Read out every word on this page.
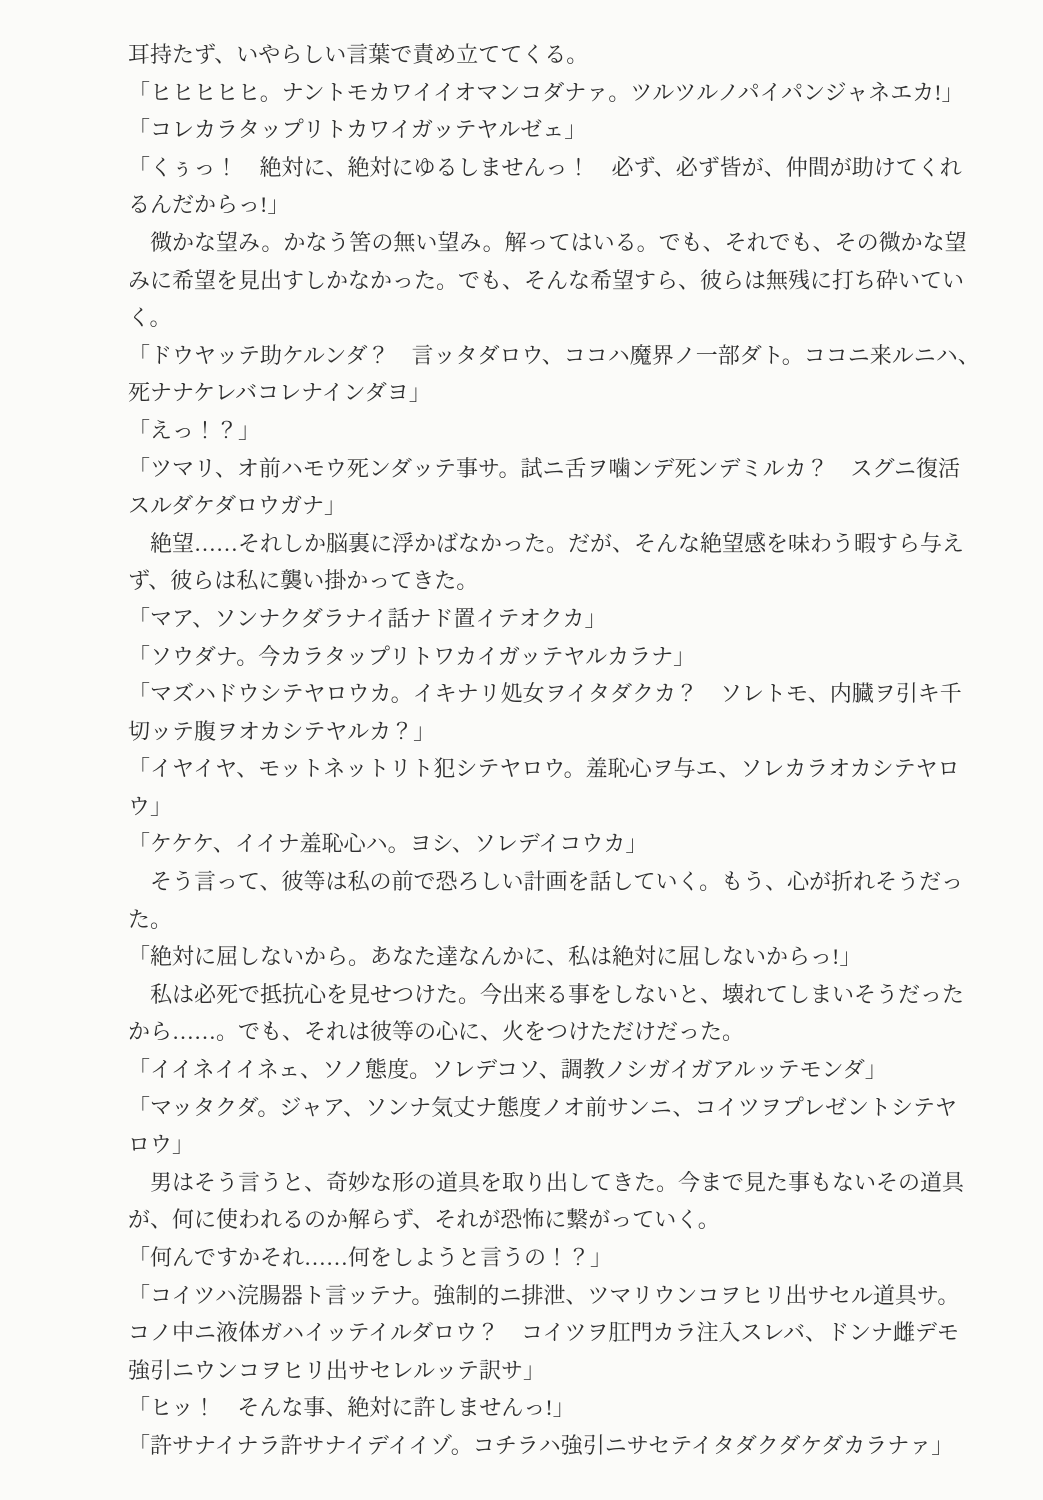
耳持たず、いやらしい言葉で責め立ててくる。
「ヒヒヒヒヒ。ナントモカワイイオマンコダナァ。ツルツルノパイパンジャネエカ!」
「コレカラタップリトカワイガッテヤルゼェ」
「くぅっ！　絶対に、絶対にゆるしませんっ！　必ず、必ず皆が、仲間が助けてくれ
るんだからっ!」
　微かな望み。かなう筈の無い望み。解ってはいる。でも、それでも、その微かな望
みに希望を見出すしかなかった。でも、そんな希望すら、彼らは無残に打ち砕いてい
く。
「ドウヤッテ助ケルンダ？　言ッタダロウ、ココハ魔界ノ一部ダト。ココニ来ルニハ、
死ナナケレバコレナインダヨ」
「えっ！？」
「ツマリ、オ前ハモウ死ンダッテ事サ。試ニ舌ヲ噛ンデ死ンデミルカ？　スグニ復活
スルダケダロウガナ」
　絶望……それしか脳裏に浮かばなかった。だが、そんな絶望感を味わう暇すら与え
ず、彼らは私に襲い掛かってきた。
「マア、ソンナクダラナイ話ナド置イテオクカ」
「ソウダナ。今カラタップリトワカイガッテヤルカラナ」
「マズハドウシテヤロウカ。イキナリ処女ヲイタダクカ？　ソレトモ、内臓ヲ引キ千
切ッテ腹ヲオカシテヤルカ？」
「イヤイヤ、モットネットリト犯シテヤロウ。羞恥心ヲ与エ、ソレカラオカシテヤロ
ウ」
「ケケケ、イイナ羞恥心ハ。ヨシ、ソレデイコウカ」
　そう言って、彼等は私の前で恐ろしい計画を話していく。もう、心が折れそうだっ
た。
「絶対に屈しないから。あなた達なんかに、私は絶対に屈しないからっ!」
　私は必死で抵抗心を見せつけた。今出来る事をしないと、壊れてしまいそうだった
から……。でも、それは彼等の心に、火をつけただけだった。
「イイネイイネェ、ソノ態度。ソレデコソ、調教ノシガイガアルッテモンダ」
「マッタクダ。ジャア、ソンナ気丈ナ態度ノオ前サンニ、コイツヲプレゼントシテヤ
ロウ」
　男はそう言うと、奇妙な形の道具を取り出してきた。今まで見た事もないその道具
が、何に使われるのか解らず、それが恐怖に繋がっていく。
「何んですかそれ……何をしようと言うの！？」
「コイツハ浣腸器ト言ッテナ。強制的ニ排泄、ツマリウンコヲヒリ出サセル道具サ。
コノ中ニ液体ガハイッテイルダロウ？　コイツヲ肛門カラ注入スレバ、ドンナ雌デモ
強引ニウンコヲヒリ出サセレルッテ訳サ」
「ヒッ！　そんな事、絶対に許しませんっ!」
「許サナイナラ許サナイデイイゾ。コチラハ強引ニサセテイタダクダケダカラナァ」
